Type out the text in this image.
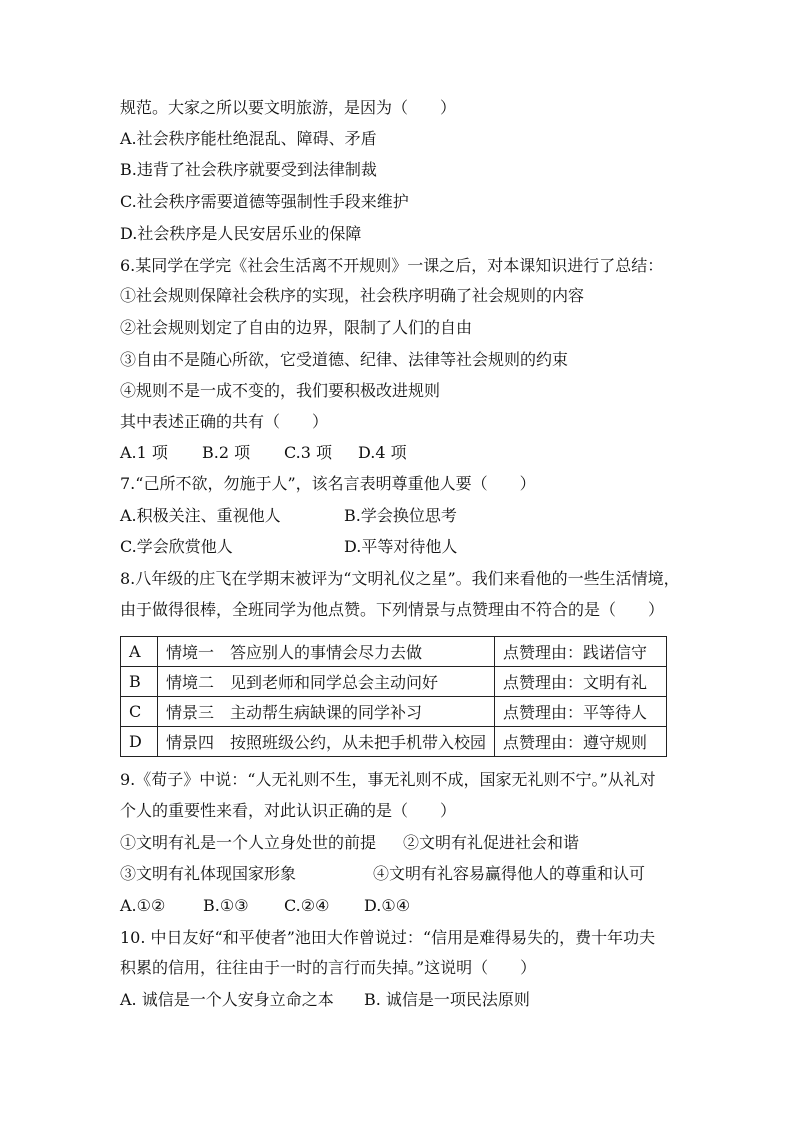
规范。大家之所以要文明旅游，是因为（　　）
A.社会秩序能杜绝混乱、障碍、矛盾
B.违背了社会秩序就要受到法律制裁
C.社会秩序需要道德等强制性手段来维护
D.社会秩序是人民安居乐业的保障
6.某同学在学完《社会生活离不开规则》一课之后，对本课知识进行了总结：
①社会规则保障社会秩序的实现，社会秩序明确了社会规则的内容
②社会规则划定了自由的边界，限制了人们的自由
③自由不是随心所欲，它受道德、纪律、法律等社会规则的约束
④规则不是一成不变的，我们要积极改进规则
其中表述正确的共有（　　）
A.1 项 B.2 项 C.3 项 D.4 项
7.“己所不欲，勿施于人”，该名言表明尊重他人要（　　）
A.积极关注、重视他人	B.学会换位思考
C.学会欣赏他人	D.平等对待他人
8.八年级的庄飞在学期末被评为“文明礼仪之星”。我们来看他的一些生活情境，
由于做得很棒，全班同学为他点赞。下列情景与点赞理由不符合的是（　　）
A	情境一　答应别人的事情会尽力去做	点赞理由：践诺信守
B	情境二　见到老师和同学总会主动问好	点赞理由：文明有礼
C	情景三　主动帮生病缺课的同学补习	点赞理由：平等待人
D	情景四　按照班级公约，从未把手机带入校园	点赞理由：遵守规则
9.《荀子》中说：“人无礼则不生，事无礼则不成，国家无礼则不宁。”从礼对
个人的重要性来看，对此认识正确的是（　　）
①文明有礼是一个人立身处世的前提 ②文明有礼促进社会和谐
③文明有礼体现国家形象	④文明有礼容易赢得他人的尊重和认可
A.①② B.①③ C.②④ D.①④
10. 中日友好“和平使者”池田大作曾说过：“信用是难得易失的，费十年功夫
积累的信用，往往由于一时的言行而失掉。”这说明（　　）
A. 诚信是一个人安身立命之本 B. 诚信是一项民法原则
